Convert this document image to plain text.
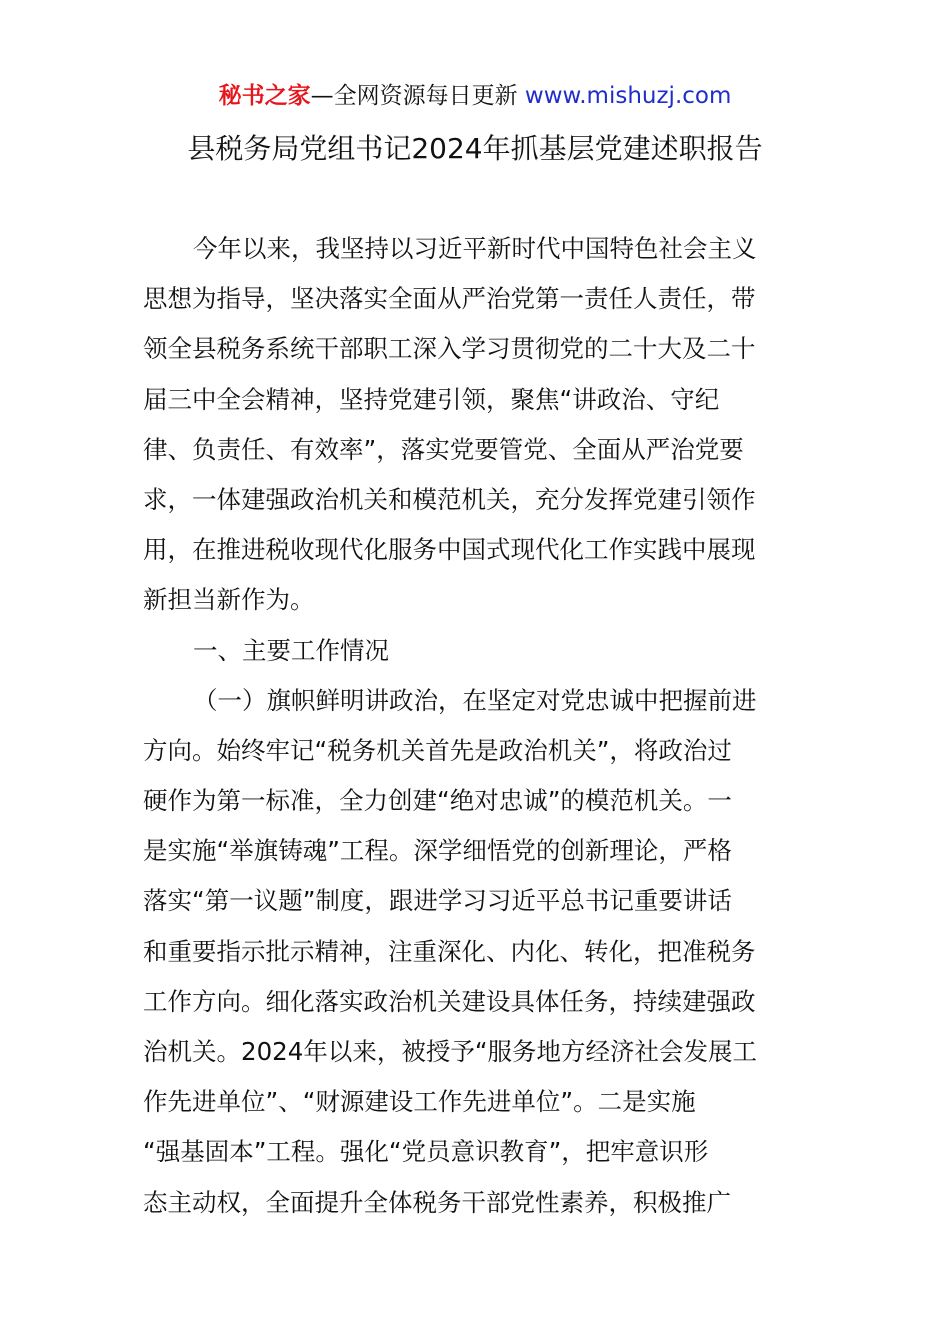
秘书之家—全网资源每日更新 www.mishuzj.com
县税务局党组书记2024年抓基层党建述职报告
今年以来，我坚持以习近平新时代中国特色社会主义
思想为指导，坚决落实全面从严治党第一责任人责任，带
领全县税务系统干部职工深入学习贯彻党的二十大及二十
届三中全会精神，坚持党建引领，聚焦“讲政治、守纪
律、负责任、有效率”，落实党要管党、全面从严治党要
求，一体建强政治机关和模范机关，充分发挥党建引领作
用，在推进税收现代化服务中国式现代化工作实践中展现
新担当新作为。
一、主要工作情况
（一）旗帜鲜明讲政治，在坚定对党忠诚中把握前进
方向。始终牢记“税务机关首先是政治机关”，将政治过
硬作为第一标准，全力创建“绝对忠诚”的模范机关。一
是实施“举旗铸魂”工程。深学细悟党的创新理论，严格
落实“第一议题”制度，跟进学习习近平总书记重要讲话
和重要指示批示精神，注重深化、内化、转化，把准税务
工作方向。细化落实政治机关建设具体任务，持续建强政
治机关。2024年以来，被授予“服务地方经济社会发展工
作先进单位”、“财源建设工作先进单位”。二是实施
“强基固本”工程。强化“党员意识教育”，把牢意识形
态主动权，全面提升全体税务干部党性素养，积极推广
